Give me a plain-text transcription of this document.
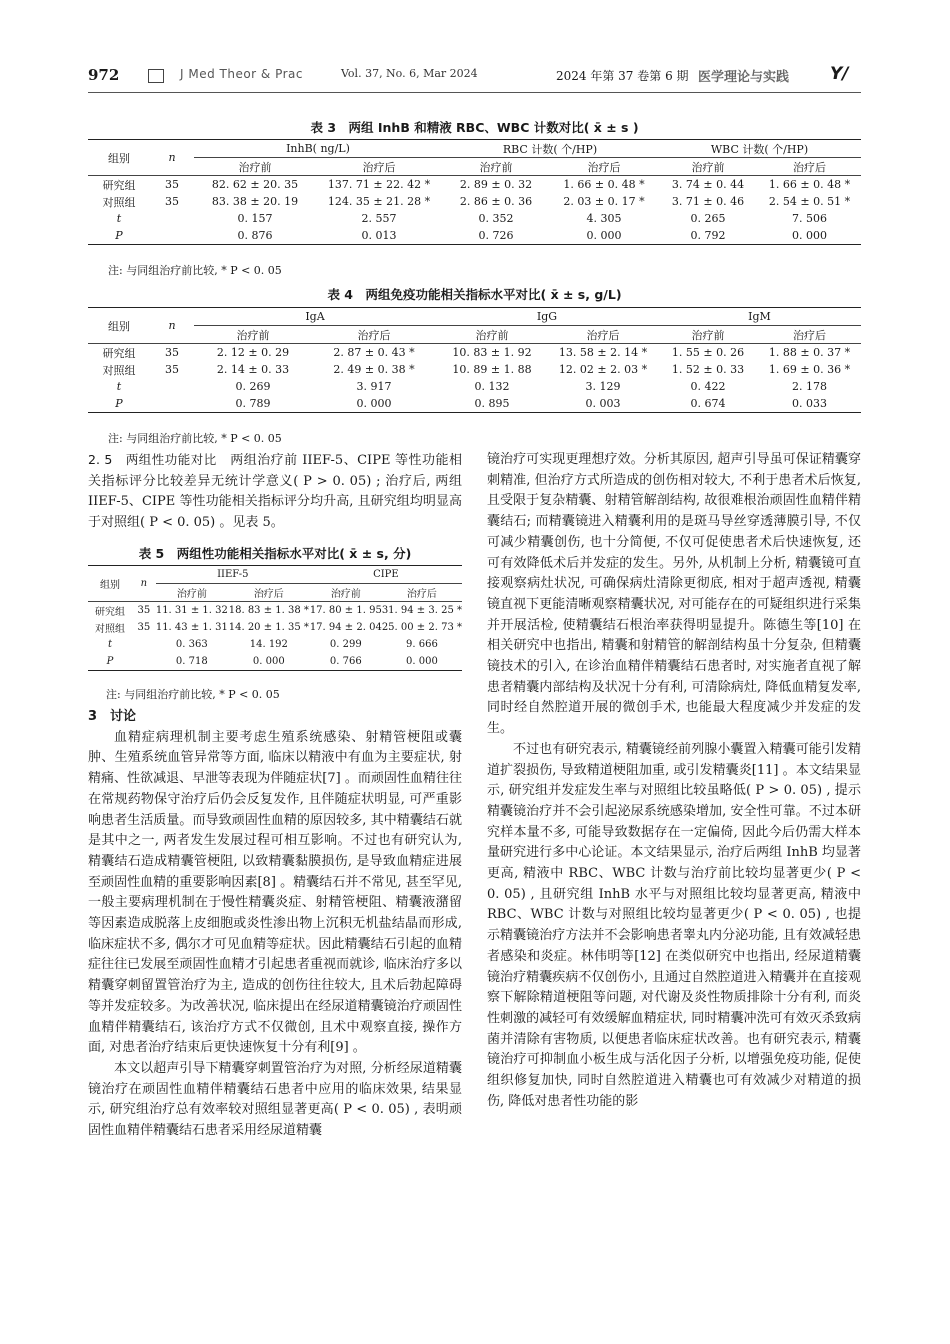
972	J Med Theor & Prac	Vol. 37, No. 6, Mar 2024	2024 年第 37 卷第 6 期 医学理论与实践 Y/
表 3　两组 InhB 和精液 RBC、WBC 计数对比( x̄ ± s )
组别	n	InhB( ng/L)		RBC 计数( 个/HP)		WBC 计数( 个/HP)	
		治疗前	治疗后	治疗前	治疗后	治疗前	治疗后
研究组	35	82. 62 ± 20. 35	137. 71 ± 22. 42 *	2. 89 ± 0. 32	1. 66 ± 0. 48 *	3. 74 ± 0. 44	1. 66 ± 0. 48 *
对照组	35	83. 38 ± 20. 19	124. 35 ± 21. 28 *	2. 86 ± 0. 36	2. 03 ± 0. 17 *	3. 71 ± 0. 46	2. 54 ± 0. 51 *
t		0. 157	2. 557	0. 352	4. 305	0. 265	7. 506
P		0. 876	0. 013	0. 726	0. 000	0. 792	0. 000
注: 与同组治疗前比较, * P < 0. 05
表 4　两组免疫功能相关指标水平对比( x̄ ± s, g/L)
组别	n	IgA		IgG		IgM	
		治疗前	治疗后	治疗前	治疗后	治疗前	治疗后
研究组	35	2. 12 ± 0. 29	2. 87 ± 0. 43 *	10. 83 ± 1. 92	13. 58 ± 2. 14 *	1. 55 ± 0. 26	1. 88 ± 0. 37 *
对照组	35	2. 14 ± 0. 33	2. 49 ± 0. 38 *	10. 89 ± 1. 88	12. 02 ± 2. 03 *	1. 52 ± 0. 33	1. 69 ± 0. 36 *
t		0. 269	3. 917	0. 132	3. 129	0. 422	2. 178
P		0. 789	0. 000	0. 895	0. 003	0. 674	0. 033
注: 与同组治疗前比较, * P < 0. 05

2. 5　两组性功能对比　两组治疗前 IIEF-5、CIPE 等性功能相关指标评分比较差异无统计学意义( P > 0. 05) ; 治疗后, 两组 IIEF-5、CIPE 等性功能相关指标评分均升高, 且研究组均明显高于对照组( P < 0. 05) 。见表 5。

表 5　两组性功能相关指标水平对比( x̄ ± s, 分)
组别	n	IIEF-5		CIPE	
		治疗前	治疗后	治疗前	治疗后
研究组	35	11. 31 ± 1. 32	18. 83 ± 1. 38 *	17. 80 ± 1. 95	31. 94 ± 3. 25 *
对照组	35	11. 43 ± 1. 31	14. 20 ± 1. 35 *	17. 94 ± 2. 04	25. 00 ± 2. 73 *
t		0. 363	14. 192	0. 299	9. 666
P		0. 718	0. 000	0. 766	0. 000
注: 与同组治疗前比较, * P < 0. 05

3　讨论

血精症病理机制主要考虑生殖系统感染、射精管梗阻或囊肿、生殖系统血管异常等方面, 临床以精液中有血为主要症状, 射精痛、性欲减退、早泄等表现为伴随症状[7] 。而顽固性血精往往在常规药物保守治疗后仍会反复发作, 且伴随症状明显, 可严重影响患者生活质量。而导致顽固性血精的原因较多, 其中精囊结石就是其中之一, 两者发生发展过程可相互影响。不过也有研究认为, 精囊结石造成精囊管梗阻, 以致精囊黏膜损伤, 是导致血精症进展至顽固性血精的重要影响因素[8] 。精囊结石并不常见, 甚至罕见, 一般主要病理机制在于慢性精囊炎症、射精管梗阻、精囊液潴留等因素造成脱落上皮细胞或炎性渗出物上沉积无机盐结晶而形成, 临床症状不多, 偶尔才可见血精等症状。因此精囊结石引起的血精症往往已发展至顽固性血精才引起患者重视而就诊, 临床治疗多以精囊穿刺留置管治疗为主, 造成的创伤往往较大, 且术后勃起障碍等并发症较多。为改善状况, 临床提出在经尿道精囊镜治疗顽固性血精伴精囊结石, 该治疗方式不仅微创, 且术中观察直接, 操作方面, 对患者治疗结束后更快速恢复十分有利[9] 。

本文以超声引导下精囊穿刺置管治疗为对照, 分析经尿道精囊镜治疗在顽固性血精伴精囊结石患者中应用的临床效果, 结果显示, 研究组治疗总有效率较对照组显著更高( P < 0. 05) , 表明顽固性血精伴精囊结石患者采用经尿道精囊

镜治疗可实现更理想疗效。分析其原因, 超声引导虽可保证精囊穿刺精准, 但治疗方式所造成的创伤相对较大, 不利于患者术后恢复, 且受限于复杂精囊、射精管解剖结构, 故很难根治顽固性血精伴精囊结石; 而精囊镜进入精囊利用的是斑马导丝穿透薄膜引导, 不仅可减少精囊创伤, 也十分简便, 不仅可促使患者术后快速恢复, 还可有效降低术后并发症的发生。另外, 从机制上分析, 精囊镜可直接观察病灶状况, 可确保病灶清除更彻底, 相对于超声透视, 精囊镜直视下更能清晰观察精囊状况, 对可能存在的可疑组织进行采集并开展活检, 使精囊结石根治率获得明显提升。陈德生等[10] 在相关研究中也指出, 精囊和射精管的解剖结构虽十分复杂, 但精囊镜技术的引入, 在诊治血精伴精囊结石患者时, 对实施者直视了解患者精囊内部结构及状况十分有利, 可清除病灶, 降低血精复发率, 同时经自然腔道开展的微创手术, 也能最大程度减少并发症的发生。

不过也有研究表示, 精囊镜经前列腺小囊置入精囊可能引发精道扩裂损伤, 导致精道梗阻加重, 或引发精囊炎[11] 。本文结果显示, 研究组并发症发生率与对照组比较虽略低( P > 0. 05) , 提示精囊镜治疗并不会引起泌尿系统感染增加, 安全性可靠。不过本研究样本量不多, 可能导致数据存在一定偏倚, 因此今后仍需大样本量研究进行多中心论证。本文结果显示, 治疗后两组 InhB 均显著更高, 精液中 RBC、WBC 计数与治疗前比较均显著更少( P < 0. 05) , 且研究组 InhB 水平与对照组比较均显著更高, 精液中 RBC、WBC 计数与对照组比较均显著更少( P < 0. 05) , 也提示精囊镜治疗方法并不会影响患者睾丸内分泌功能, 且有效减轻患者感染和炎症。林伟明等[12] 在类似研究中也指出, 经尿道精囊镜治疗精囊疾病不仅创伤小, 且通过自然腔道进入精囊并在直接观察下解除精道梗阻等问题, 对代谢及炎性物质排除十分有利, 而炎性刺激的减轻可有效缓解血精症状, 同时精囊冲洗可有效灭杀致病菌并清除有害物质, 以便患者临床症状改善。也有研究表示, 精囊镜治疗可抑制血小板生成与活化因子分析, 以增强免疫功能, 促使组织修复加快, 同时自然腔道进入精囊也可有效减少对精道的损伤, 降低对患者性功能的影
